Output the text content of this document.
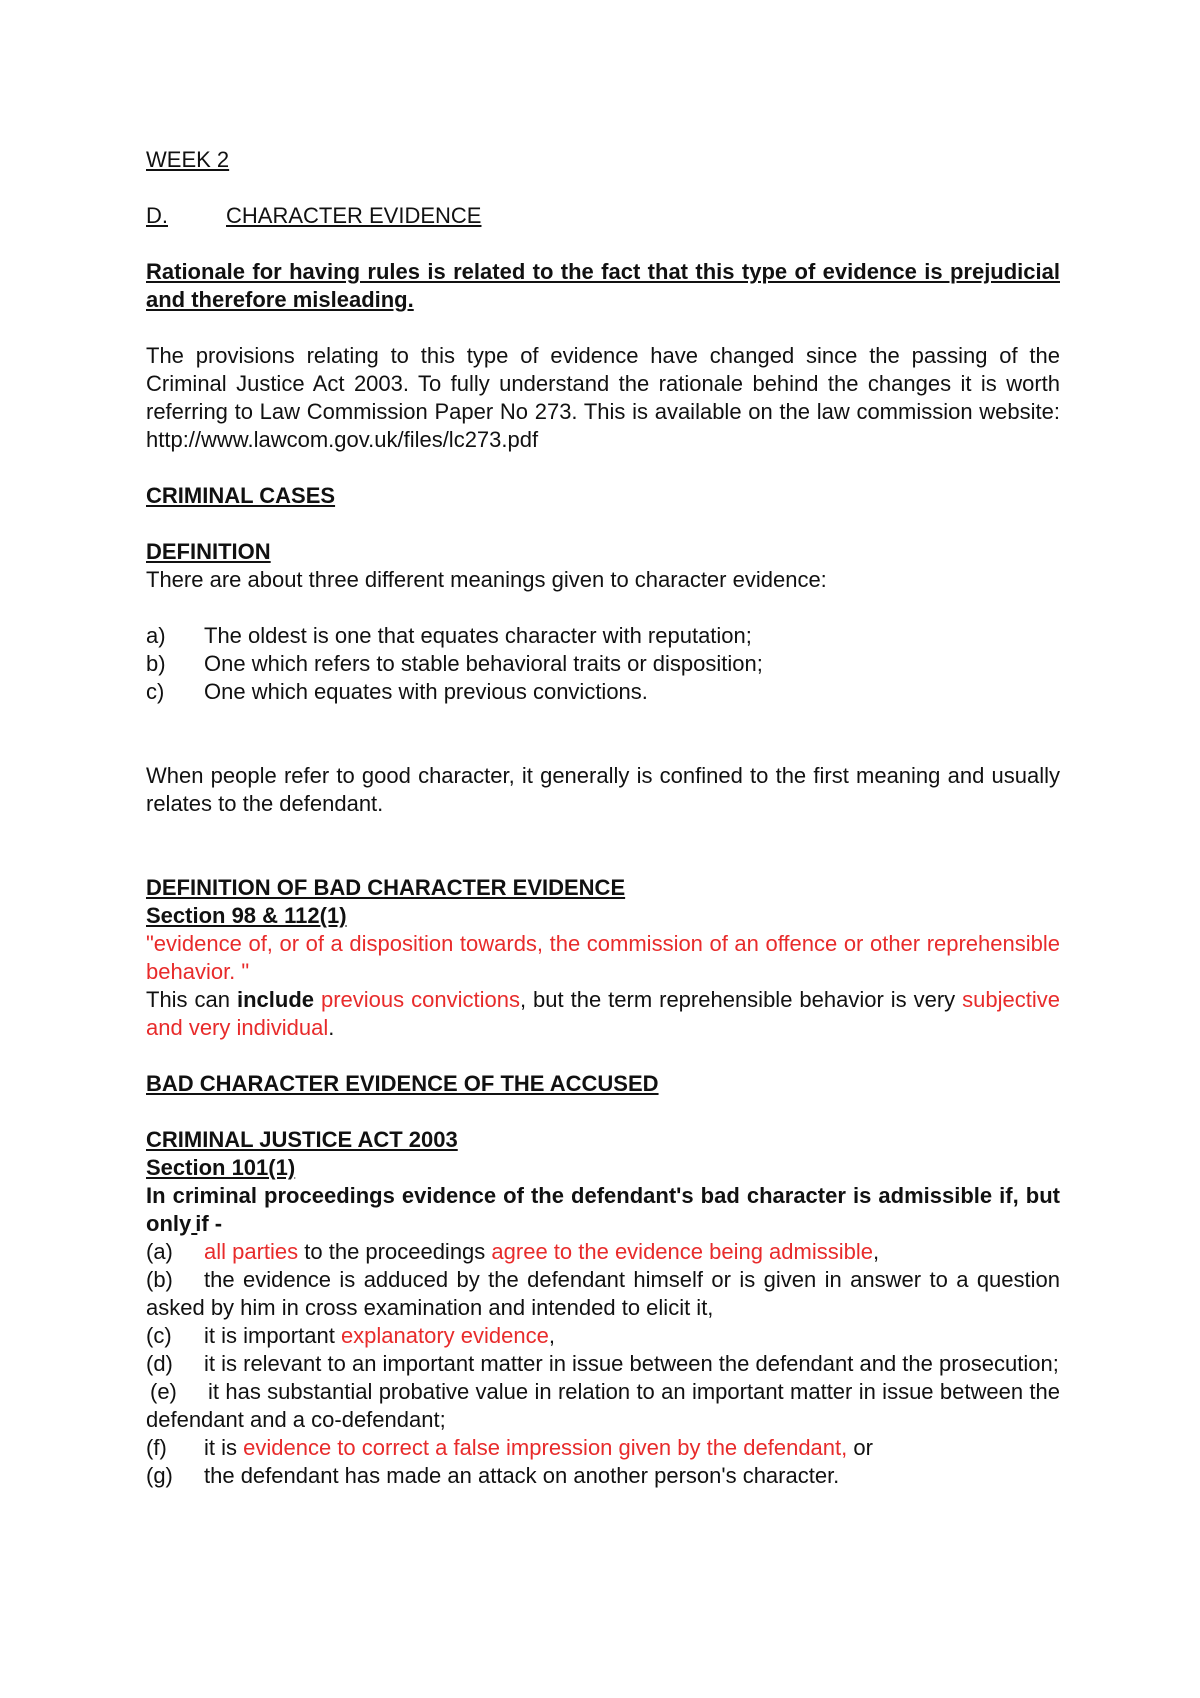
WEEK 2

D.	CHARACTER EVIDENCE

Rationale for having rules is related to the fact that this type of evidence is prejudicial and therefore misleading.

The provisions relating to this type of evidence have changed since the passing of the Criminal Justice Act 2003. To fully understand the rationale behind the changes it is worth referring to Law Commission Paper No 273. This is available on the law commission website: http://www.lawcom.gov.uk/files/lc273.pdf

CRIMINAL CASES

DEFINITION

There are about three different meanings given to character evidence:

a)	The oldest is one that equates character with reputation;
b)	One which refers to stable behavioral traits or disposition;
c)	One which equates with previous convictions.

When people refer to good character, it generally is confined to the first meaning and usually relates to the defendant.

DEFINITION OF BAD CHARACTER EVIDENCE

Section 98 & 112(1)

"evidence of, or of a disposition towards, the commission of an offence or other reprehensible behavior. "

This can include previous convictions, but the term reprehensible behavior is very subjective and very individual.

BAD CHARACTER EVIDENCE OF THE ACCUSED

CRIMINAL JUSTICE ACT 2003

Section 101(1)

In criminal proceedings evidence of the defendant's bad character is admissible if, but only if -

(a) all parties to the proceedings agree to the evidence being admissible,

(b) the evidence is adduced by the defendant himself or is given in answer to a question asked by him in cross examination and intended to elicit it,

(c) it is important explanatory evidence,

(d) it is relevant to an important matter in issue between the defendant and the prosecution;

(e) it has substantial probative value in relation to an important matter in issue between the defendant and a co-defendant;

(f) it is evidence to correct a false impression given by the defendant, or

(g) the defendant has made an attack on another person's character.
